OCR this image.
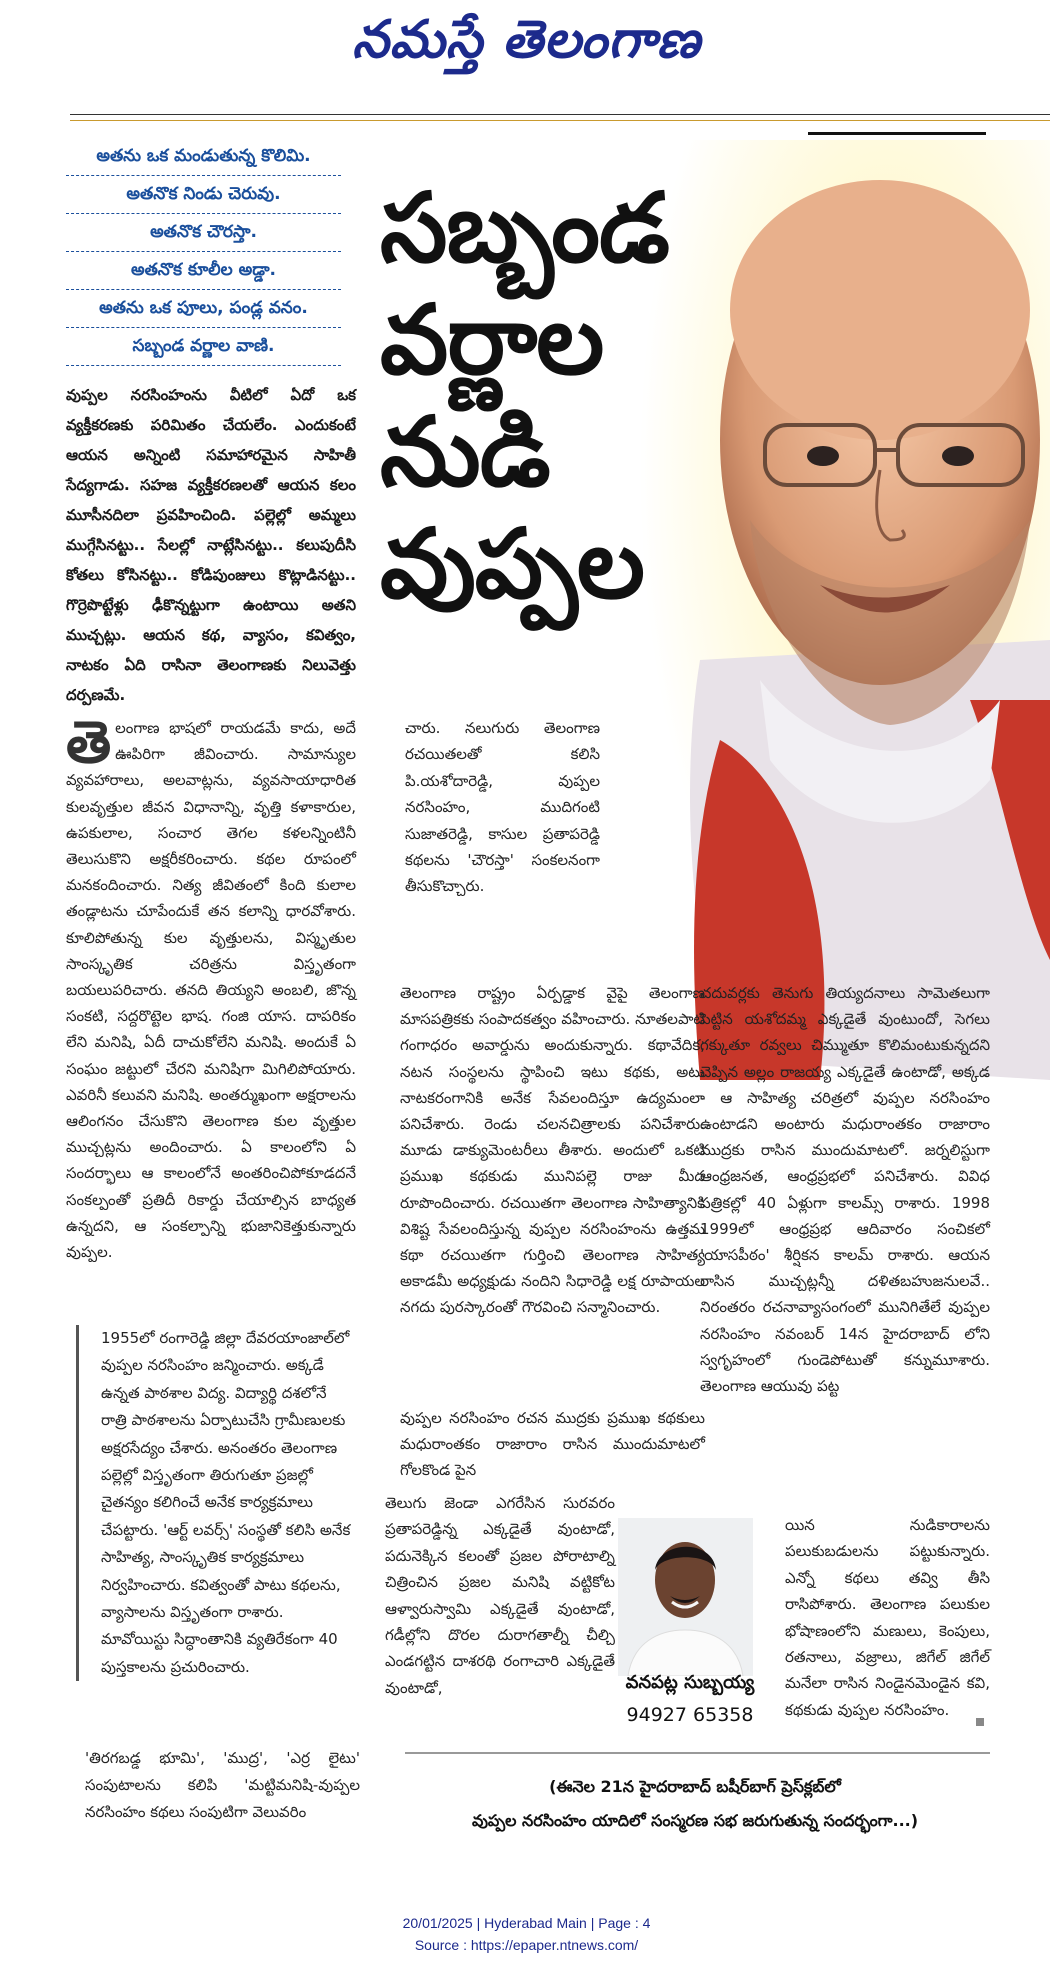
నమస్తే తెలంగాణ
అతను ఒక మండుతున్న కొలిమి.
అతనొక నిండు చెరువు.
అతనొక చౌరస్తా.
అతనొక కూలీల అడ్డా.
అతను ఒక పూలు, పండ్ల వనం.
సబ్బండ వర్ణాల వాణి.
సబ్బండ
వర్ణాల
నుడి
వుప్పల
వుప్పల నరసింహంను వీటిలో ఏదో ఒక వ్యక్తీకరణకు పరిమితం చేయలేం. ఎందుకంటే ఆయన అన్నింటి సమాహారమైన సాహితీ సేద్యగాడు. సహజ వ్యక్తీకరణలతో ఆయన కలం మూసీనదిలా ప్రవహించింది. పల్లెల్లో అమ్మలు ముగ్గేసినట్టు.. సేలల్లో నాట్లేసినట్టు.. కలుపుదీసి కోతలు కోసినట్టు.. కోడిపుంజులు కొట్లాడినట్టు.. గొర్రెపొట్టేళ్లు ఢీకొన్నట్టుగా ఉంటాయి అతని ముచ్చట్లు. ఆయన కథ, వ్యాసం, కవిత్వం, నాటకం ఏది రాసినా తెలంగాణకు నిలువెత్తు దర్పణమే.
తెలంగాణ భాషలో రాయడమే కాదు, అదే ఊపిరిగా జీవించారు. సామాన్యుల వ్యవహారాలు, అలవాట్లను, వ్యవసాయాధారిత కులవృత్తుల జీవన విధానాన్ని, వృత్తి కళాకారుల, ఉపకులాల, సంచార తెగల కళలన్నింటినీ తెలుసుకొని అక్షరీకరించారు. కథల రూపంలో మనకందించారు. నిత్య జీవితంలో కింది కులాల తండ్లాటను చూపేందుకే తన కలాన్ని ధారవోశారు. కూలిపోతున్న కుల వృత్తులను, విస్మృతుల సాంస్కృతిక చరిత్రను విస్తృతంగా బయలుపరిచారు. తనది తియ్యని అంబలి, జొన్న సంకటి, సద్దరొట్టెల భాష. గంజి యాస. దాపరికం లేని మనిషి, ఏదీ దాచుకోలేని మనిషి. అందుకే ఏ సంఘం జట్టులో చేరని మనిషిగా మిగిలిపోయారు. ఎవరినీ కలువని మనిషి. అంతర్ముఖంగా అక్షరాలను ఆలింగనం చేసుకొని తెలంగాణ కుల వృత్తుల ముచ్చట్లను అందించారు. ఏ కాలంలోని ఏ సందర్భాలు ఆ కాలంలోనే అంతరించిపోకూడదనే సంకల్పంతో ప్రతిదీ రికార్డు చేయాల్సిన బాధ్యత ఉన్నదని, ఆ సంకల్పాన్ని భుజానికెత్తుకున్నారు వుప్పల.
చారు. నలుగురు తెలంగాణ రచయితలతో కలిసి పి.యశోదారెడ్డి, వుప్పల నరసింహం, ముదిగంటి సుజాతరెడ్డి, కాసుల ప్రతాపరెడ్డి కథలను 'చౌరస్తా' సంకలనంగా తీసుకొచ్చారు.
తెలంగాణ రాష్ట్రం ఏర్పడ్డాక వైపై తెలంగాణ మాసపత్రికకు సంపాదకత్వం వహించారు. నూతలపాటి గంగాధరం అవార్డును అందుకున్నారు. కథావేదిక, నటన సంస్థలను స్థాపించి ఇటు కథకు, అటు నాటకరంగానికి అనేక సేవలందిస్తూ ఉద్యమంలా పనిచేశారు. రెండు చలనచిత్రాలకు పనిచేశారు. మూడు డాక్యుమెంటరీలు తీశారు. అందులో ఒకటి ప్రముఖ కథకుడు మునిపల్లె రాజు మీద రూపొందించారు. రచయితగా తెలంగాణ సాహిత్యానికి విశిష్ట సేవలందిస్తున్న వుప్పల నరసింహంను ఉత్తమ కథా రచయితగా గుర్తించి తెలంగాణ సాహిత్య అకాడమీ అధ్యక్షుడు నందిని సిధారెడ్డి లక్ష రూపాయల నగదు పురస్కారంతో గౌరవించి సన్మానించారు.
వుప్పల నరసింహం రచన ముద్రకు ప్రముఖ కథకులు మధురాంతకం రాజారాం రాసిన ముందుమాటలో గోలకొండ పైన
తెలుగు జెండా ఎగరేసిన సురవరం ప్రతాపరెడ్డిన్న ఎక్కడైతే వుంటాడో, పదునెక్కిన కలంతో ప్రజల పోరాటాల్ని చిత్రించిన ప్రజల మనిషి వట్టికోట ఆళ్వారుస్వామి ఎక్కడైతే వుంటాడో, గడీల్లోని దొరల దురాగతాల్నీ చీల్చి ఎండగట్టిన దాశరథి రంగాచారి ఎక్కడైతే వుంటాడో,
చదువర్లకు తెనుగు తియ్యదనాలు సామెతలుగా పెట్టిన యశోదమ్మ ఎక్కడైతే వుంటుందో, సెగలు గక్కుతూ రవ్వలు చిమ్ముతూ కొలిమంటుకున్నదని చెప్పిన అల్లం రాజయ్య ఎక్కడైతే ఉంటాడో, అక్కడ - ఆ సాహిత్య చరిత్రలో వుప్పల నరసింహం ఉంటాడని అంటారు మధురాంతకం రాజారాం ముద్రకు రాసిన ముందుమాటలో. జర్నలిస్టుగా ఆంధ్రజనత, ఆంధ్రప్రభలో పనిచేశారు. వివిధ పత్రికల్లో 40 ఏళ్లుగా కాలమ్స్ రాశారు. 1998 1999లో ఆంధ్రప్రభ ఆదివారం సంచికలో 'యాసపీఠం' శీర్షికన కాలమ్ రాశారు. ఆయన రాసిన ముచ్చట్లన్నీ దళితబహుజనులవే.. నిరంతరం రచనావ్యాసంగంలో మునిగితేలే వుప్పల నరసింహం నవంబర్ 14న హైదరాబాద్ లోని స్వగృహంలో గుండెపోటుతో కన్నుమూశారు. తెలంగాణ ఆయువు పట్ట
యిన నుడికారాలను పలుకుబడులను పట్టుకున్నారు. ఎన్నో కథలు తవ్వి తీసి రాసిపోశారు. తెలంగాణ పలుకుల భోషాణంలోని మణులు, కెంపులు, రతనాలు, వజ్రాలు, జిగేల్ జిగేల్ మనేలా రాసిన నిండైనమెండైన కవి, కథకుడు వుప్పల నరసింహం.
1955లో రంగారెడ్డి జిల్లా దేవరయాంజాల్‌లో వుప్పల నరసింహం జన్మించారు. అక్కడే ఉన్నత పాఠశాల విద్య. విద్యార్థి దశలోనే రాత్రి పాఠశాలను ఏర్పాటుచేసి గ్రామీణులకు అక్షరసేద్యం చేశారు. అనంతరం తెలంగాణ పల్లెల్లో విస్తృతంగా తిరుగుతూ ప్రజల్లో చైతన్యం కలిగించే అనేక కార్యక్రమాలు చేపట్టారు. 'ఆర్ట్ లవర్స్' సంస్థతో కలిసి అనేక సాహిత్య, సాంస్కృతిక కార్యక్రమాలు నిర్వహించారు. కవిత్వంతో పాటు కథలను, వ్యాసాలను విస్తృతంగా రాశారు. మావోయిస్టు సిద్ధాంతానికి వ్యతిరేకంగా 40 పుస్తకాలను ప్రచురించారు.
'తిరగబడ్డ భూమి', 'ముద్ర', 'ఎర్ర లైటు' సంపుటాలను కలిపి 'మట్టిమనిషి-వుప్పల నరసింహం కథలు సంపుటిగా వెలువరిం
వనపట్ల సుబ్బయ్య
94927 65358
(ఈనెల 21న హైదరాబాద్ బషీర్‌బాగ్ ప్రెస్‌క్లబ్‌లో
వుప్పల నరసింహం యాదిలో సంస్మరణ సభ జరుగుతున్న సందర్భంగా...)
20/01/2025 | Hyderabad Main | Page : 4
Source : https://epaper.ntnews.com/
